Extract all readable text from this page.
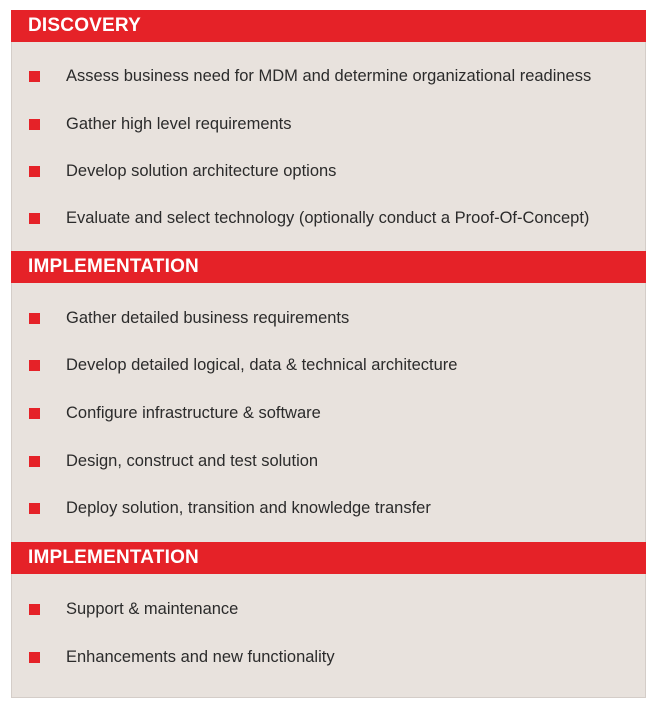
DISCOVERY
Assess business need for MDM and determine organizational readiness
Gather high level requirements
Develop solution architecture options
Evaluate and select technology (optionally conduct a Proof-Of-Concept)
IMPLEMENTATION
Gather detailed business requirements
Develop detailed logical, data & technical architecture
Configure infrastructure & software
Design, construct and test solution
Deploy solution, transition and knowledge transfer
IMPLEMENTATION
Support & maintenance
Enhancements and new functionality
